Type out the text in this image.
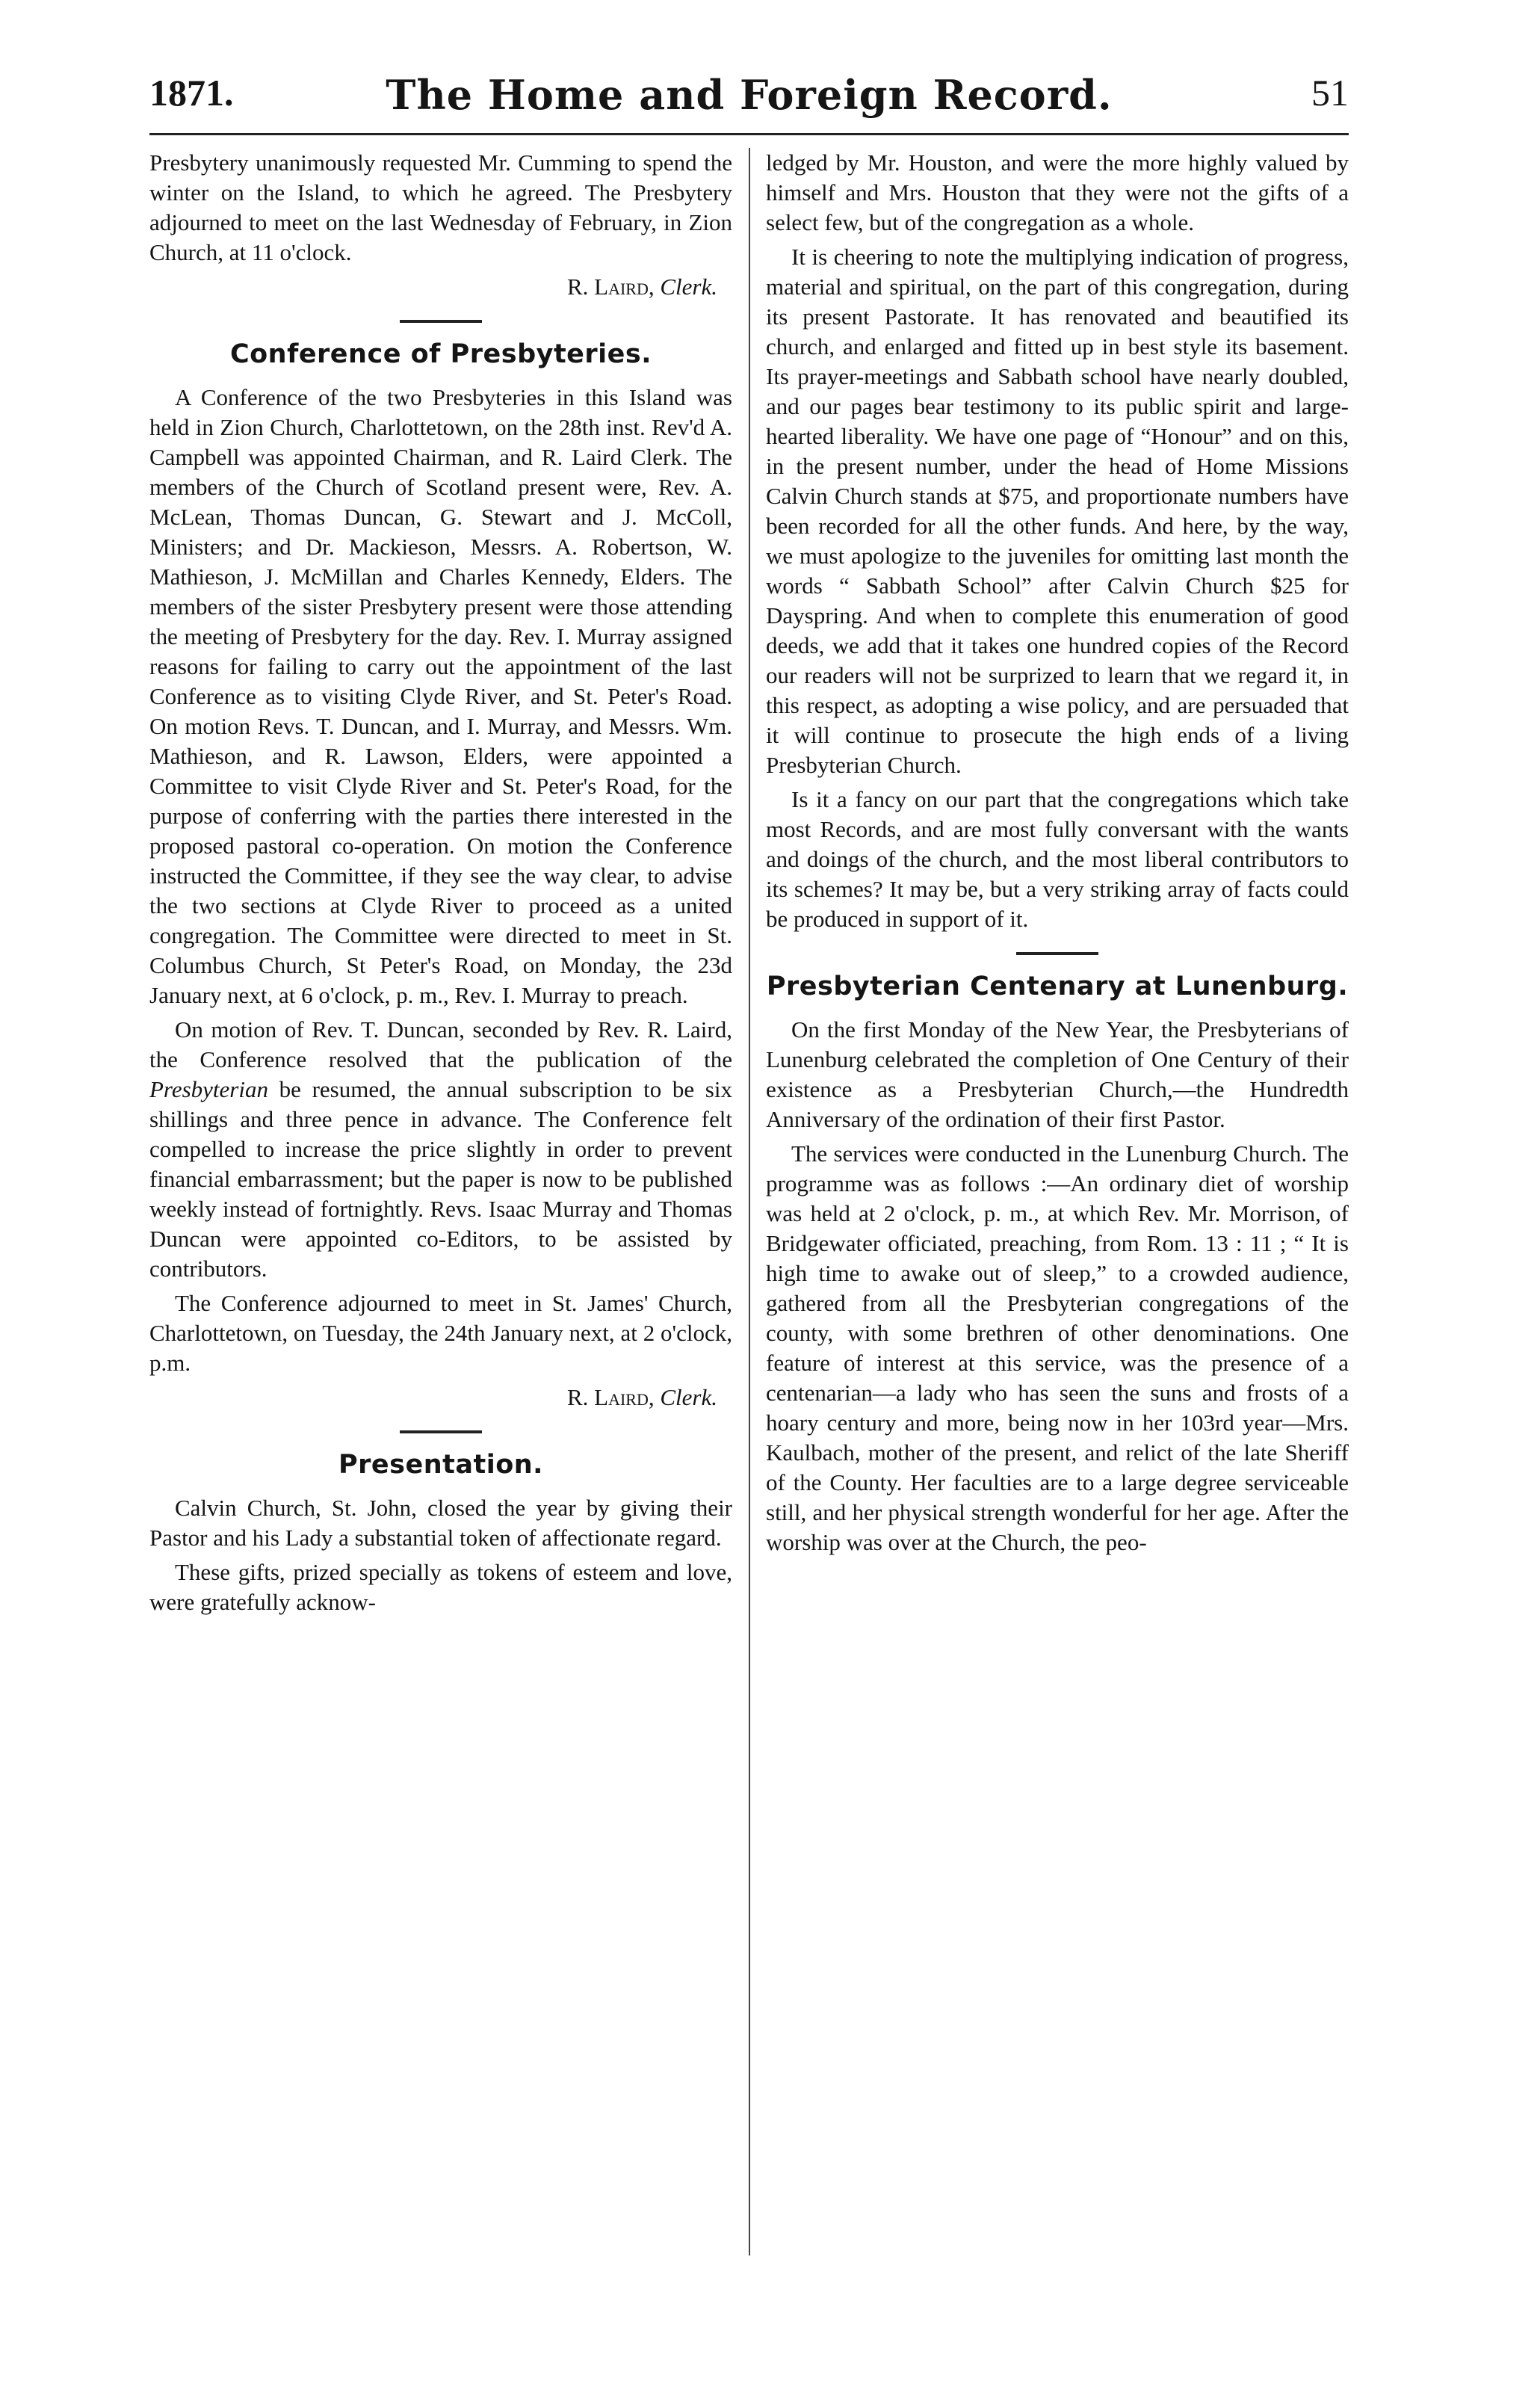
1871.	The Home and Foreign Record.	51

Presbytery unanimously requested Mr. Cumming to spend the winter on the Island, to which he agreed. The Presbytery adjourned to meet on the last Wednesday of February, in Zion Church, at 11 o'clock.

R. Laird, Clerk.
Conference of Presbyteries.

A Conference of the two Presbyteries in this Island was held in Zion Church, Charlottetown, on the 28th inst. Rev'd A. Campbell was appointed Chairman, and R. Laird Clerk. The members of the Church of Scotland present were, Rev. A. McLean, Thomas Duncan, G. Stewart and J. McColl, Ministers; and Dr. Mackieson, Messrs. A. Robertson, W. Mathieson, J. McMillan and Charles Kennedy, Elders. The members of the sister Presbytery present were those attending the meeting of Presbytery for the day. Rev. I. Murray assigned reasons for failing to carry out the appointment of the last Conference as to visiting Clyde River, and St. Peter's Road. On motion Revs. T. Duncan, and I. Murray, and Messrs. Wm. Mathieson, and R. Lawson, Elders, were appointed a Committee to visit Clyde River and St. Peter's Road, for the purpose of conferring with the parties there interested in the proposed pastoral co-operation. On motion the Conference instructed the Committee, if they see the way clear, to advise the two sections at Clyde River to proceed as a united congregation. The Committee were directed to meet in St. Columbus Church, St Peter's Road, on Monday, the 23d January next, at 6 o'clock, p. m., Rev. I. Murray to preach.

On motion of Rev. T. Duncan, seconded by Rev. R. Laird, the Conference resolved that the publication of the Presbyterian be resumed, the annual subscription to be six shillings and three pence in advance. The Conference felt compelled to increase the price slightly in order to prevent financial embarrassment; but the paper is now to be published weekly instead of fortnightly. Revs. Isaac Murray and Thomas Duncan were appointed co-Editors, to be assisted by contributors.

The Conference adjourned to meet in St. James' Church, Charlottetown, on Tuesday, the 24th January next, at 2 o'clock, p.m.

R. Laird, Clerk.
Presentation.

Calvin Church, St. John, closed the year by giving their Pastor and his Lady a substantial token of affectionate regard.

These gifts, prized specially as tokens of esteem and love, were gratefully acknow-

ledged by Mr. Houston, and were the more highly valued by himself and Mrs. Houston that they were not the gifts of a select few, but of the congregation as a whole.

It is cheering to note the multiplying indication of progress, material and spiritual, on the part of this congregation, during its present Pastorate. It has renovated and beautified its church, and enlarged and fitted up in best style its basement. Its prayer-meetings and Sabbath school have nearly doubled, and our pages bear testimony to its public spirit and large-hearted liberality. We have one page of “Honour” and on this, in the present number, under the head of Home Missions Calvin Church stands at $75, and proportionate numbers have been recorded for all the other funds. And here, by the way, we must apologize to the juveniles for omitting last month the words “ Sabbath School” after Calvin Church $25 for Dayspring. And when to complete this enumeration of good deeds, we add that it takes one hundred copies of the Record our readers will not be surprized to learn that we regard it, in this respect, as adopting a wise policy, and are persuaded that it will continue to prosecute the high ends of a living Presbyterian Church.

Is it a fancy on our part that the congregations which take most Records, and are most fully conversant with the wants and doings of the church, and the most liberal contributors to its schemes? It may be, but a very striking array of facts could be produced in support of it.

Presbyterian Centenary at Lunenburg.

On the first Monday of the New Year, the Presbyterians of Lunenburg celebrated the completion of One Century of their existence as a Presbyterian Church,—the Hundredth Anniversary of the ordination of their first Pastor.

The services were conducted in the Lunenburg Church. The programme was as follows :—An ordinary diet of worship was held at 2 o'clock, p. m., at which Rev. Mr. Morrison, of Bridgewater officiated, preaching, from Rom. 13 : 11 ; “ It is high time to awake out of sleep,” to a crowded audience, gathered from all the Presbyterian congregations of the county, with some brethren of other denominations. One feature of interest at this service, was the presence of a centenarian—a lady who has seen the suns and frosts of a hoary century and more, being now in her 103rd year—Mrs. Kaulbach, mother of the present, and relict of the late Sheriff of the County. Her faculties are to a large degree serviceable still, and her physical strength wonderful for her age. After the worship was over at the Church, the peo-
